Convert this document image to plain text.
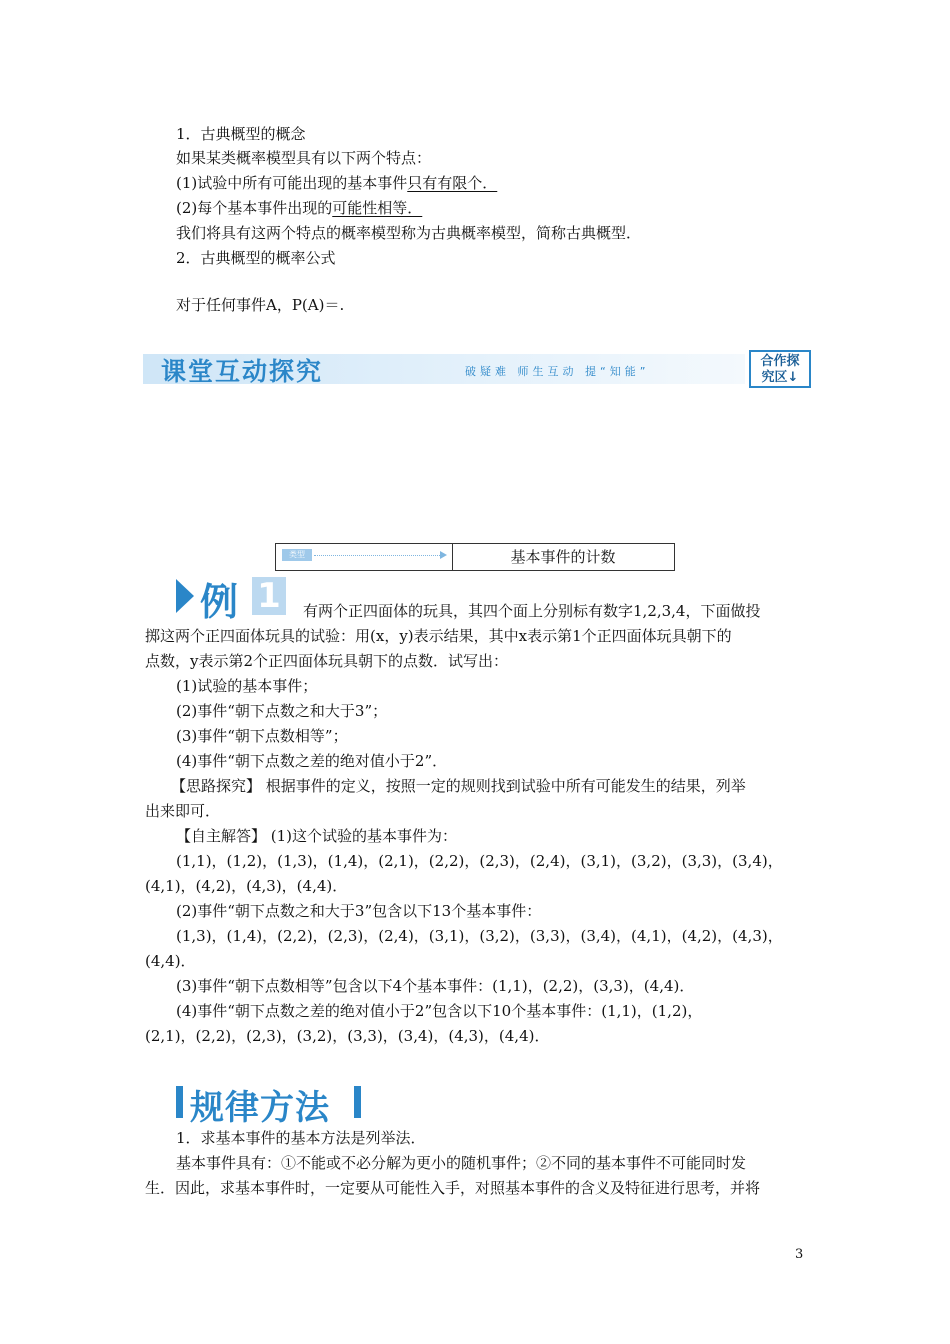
1．古典概型的概念
如果某类概率模型具有以下两个特点：
(1)试验中所有可能出现的基本事件只有有限个．
(2)每个基本事件出现的可能性相等．
我们将具有这两个特点的概率模型称为古典概率模型，简称古典概型．
2．古典概型的概率公式
对于任何事件A，P(A)＝.
课堂互动探究	破疑难 师生互动 提“知能”
合作探
究区↓
类型	基本事件的计数
例 1	有两个正四面体的玩具，其四个面上分别标有数字1,2,3,4，下面做投
掷这两个正四面体玩具的试验：用(x，y)表示结果，其中x表示第1个正四面体玩具朝下的
点数，y表示第2个正四面体玩具朝下的点数．试写出：
(1)试验的基本事件；
(2)事件“朝下点数之和大于3”；
(3)事件“朝下点数相等”；
(4)事件“朝下点数之差的绝对值小于2”．
【思路探究】 根据事件的定义，按照一定的规则找到试验中所有可能发生的结果，列举
出来即可．
【自主解答】 (1)这个试验的基本事件为：
(1,1)，(1,2)，(1,3)，(1,4)，(2,1)，(2,2)，(2,3)，(2,4)，(3,1)，(3,2)，(3,3)，(3,4)，
(4,1)，(4,2)，(4,3)，(4,4)．
(2)事件“朝下点数之和大于3”包含以下13个基本事件：
(1,3)，(1,4)，(2,2)，(2,3)，(2,4)，(3,1)，(3,2)，(3,3)，(3,4)，(4,1)，(4,2)，(4,3)，
(4,4)．
(3)事件“朝下点数相等”包含以下4个基本事件：(1,1)，(2,2)，(3,3)，(4,4)．
(4)事件“朝下点数之差的绝对值小于2”包含以下10个基本事件：(1,1)，(1,2)，
(2,1)，(2,2)，(2,3)，(3,2)，(3,3)，(3,4)，(4,3)，(4,4)．
规律方法
1．求基本事件的基本方法是列举法．
基本事件具有：①不能或不必分解为更小的随机事件；②不同的基本事件不可能同时发
生．因此，求基本事件时，一定要从可能性入手，对照基本事件的含义及特征进行思考，并将
3
